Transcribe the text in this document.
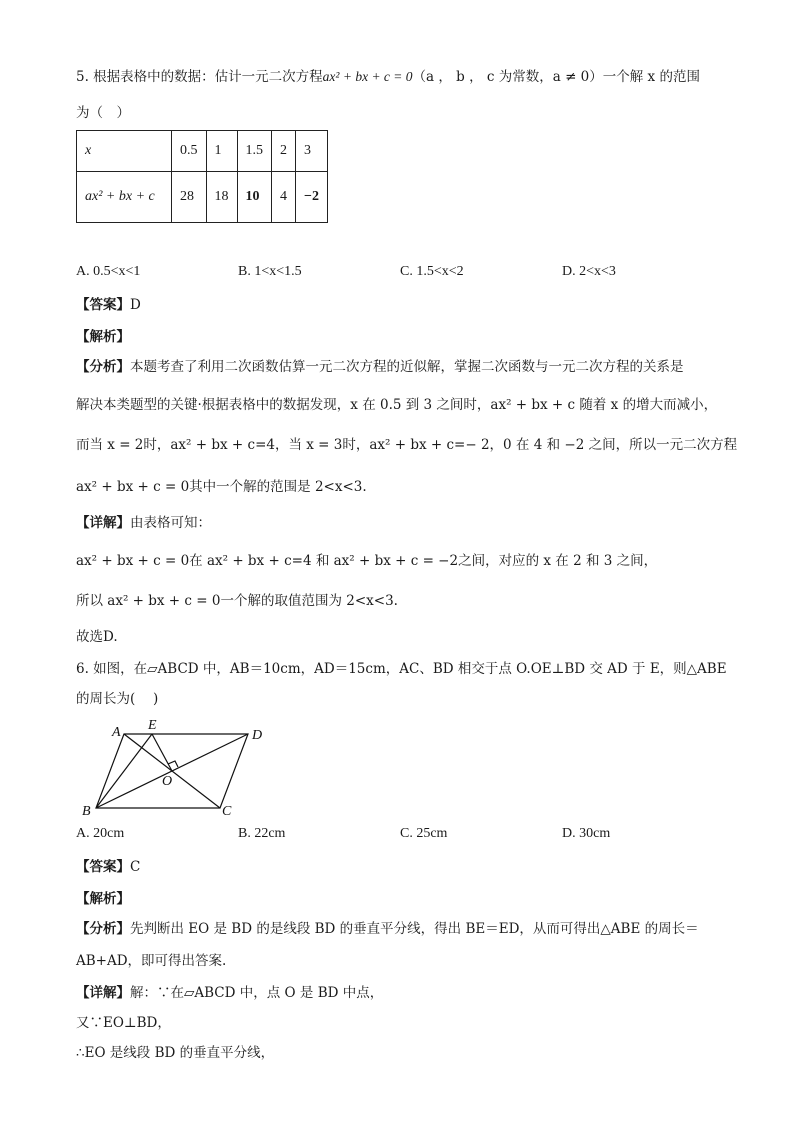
5. 根据表格中的数据：估计一元二次方程ax² + bx + c = 0（a ， b ， c 为常数，a ≠ 0）一个解 x 的范围
为（　）
x	0.5	1	1.5	2	3
ax² + bx + c	28	18	10	4	−2
A. 0.5<x<1	B. 1<x<1.5	C. 1.5<x<2	D. 2<x<3
【答案】D
【解析】
【分析】本题考查了利用二次函数估算一元二次方程的近似解，掌握二次函数与一元二次方程的关系是
解决本类题型的关键·根据表格中的数据发现，x 在 0.5 到 3 之间时，ax² + bx + c 随着 x 的增大而减小，
而当 x = 2时，ax² + bx + c=4，当 x = 3时，ax² + bx + c=− 2，0 在 4 和 −2 之间，所以一元二次方程
ax² + bx + c = 0其中一个解的范围是 2<x<3.
【详解】由表格可知：
ax² + bx + c = 0在 ax² + bx + c=4 和 ax² + bx + c = −2之间，对应的 x 在 2 和 3 之间，
所以 ax² + bx + c = 0一个解的取值范围为 2<x<3.
故选D.
6. 如图，在▱ABCD 中，AB＝10cm，AD＝15cm，AC、BD 相交于点 O.OE⊥BD 交 AD 于 E，则△ABE
的周长为(　 )
A E
D
O
B	C
A. 20cm	B. 22cm	C. 25cm	D. 30cm
【答案】C
【解析】
【分析】先判断出 EO 是 BD 的是线段 BD 的垂直平分线，得出 BE＝ED，从而可得出△ABE 的周长＝
AB+AD，即可得出答案.
【详解】解：∵在▱ABCD 中，点 O 是 BD 中点，
又∵EO⊥BD，
∴EO 是线段 BD 的垂直平分线，
